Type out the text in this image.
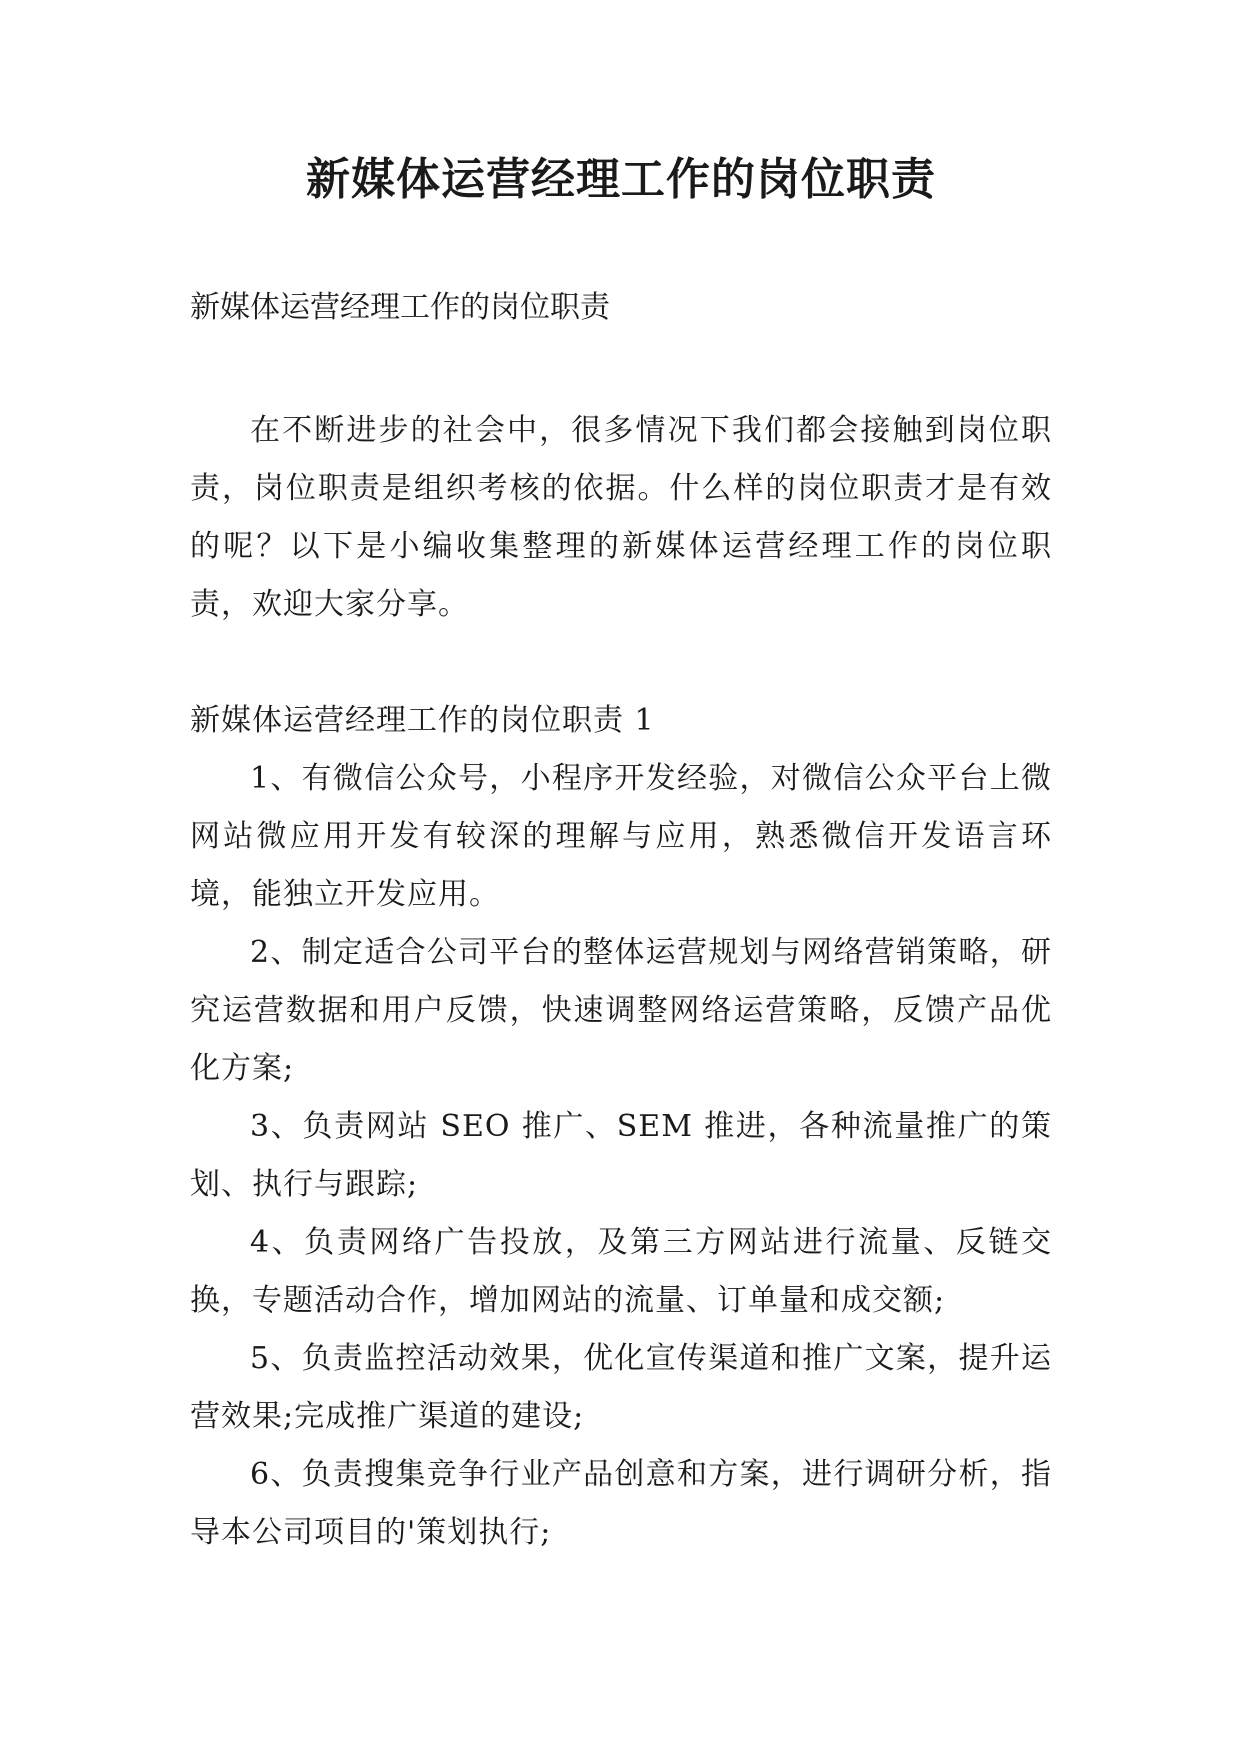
新媒体运营经理工作的岗位职责

新媒体运营经理工作的岗位职责

在不断进步的社会中，很多情况下我们都会接触到岗位职责，岗位职责是组织考核的依据。什么样的岗位职责才是有效的呢？以下是小编收集整理的新媒体运营经理工作的岗位职责，欢迎大家分享。

新媒体运营经理工作的岗位职责 1

1、有微信公众号，小程序开发经验，对微信公众平台上微网站微应用开发有较深的理解与应用，熟悉微信开发语言环境，能独立开发应用。

2、制定适合公司平台的整体运营规划与网络营销策略，研究运营数据和用户反馈，快速调整网络运营策略，反馈产品优化方案;

3、负责网站 SEO 推广、SEM 推进，各种流量推广的策划、执行与跟踪;

4、负责网络广告投放，及第三方网站进行流量、反链交换，专题活动合作，增加网站的流量、订单量和成交额;

5、负责监控活动效果，优化宣传渠道和推广文案，提升运营效果;完成推广渠道的建设;

6、负责搜集竞争行业产品创意和方案，进行调研分析，指导本公司项目的'策划执行;
